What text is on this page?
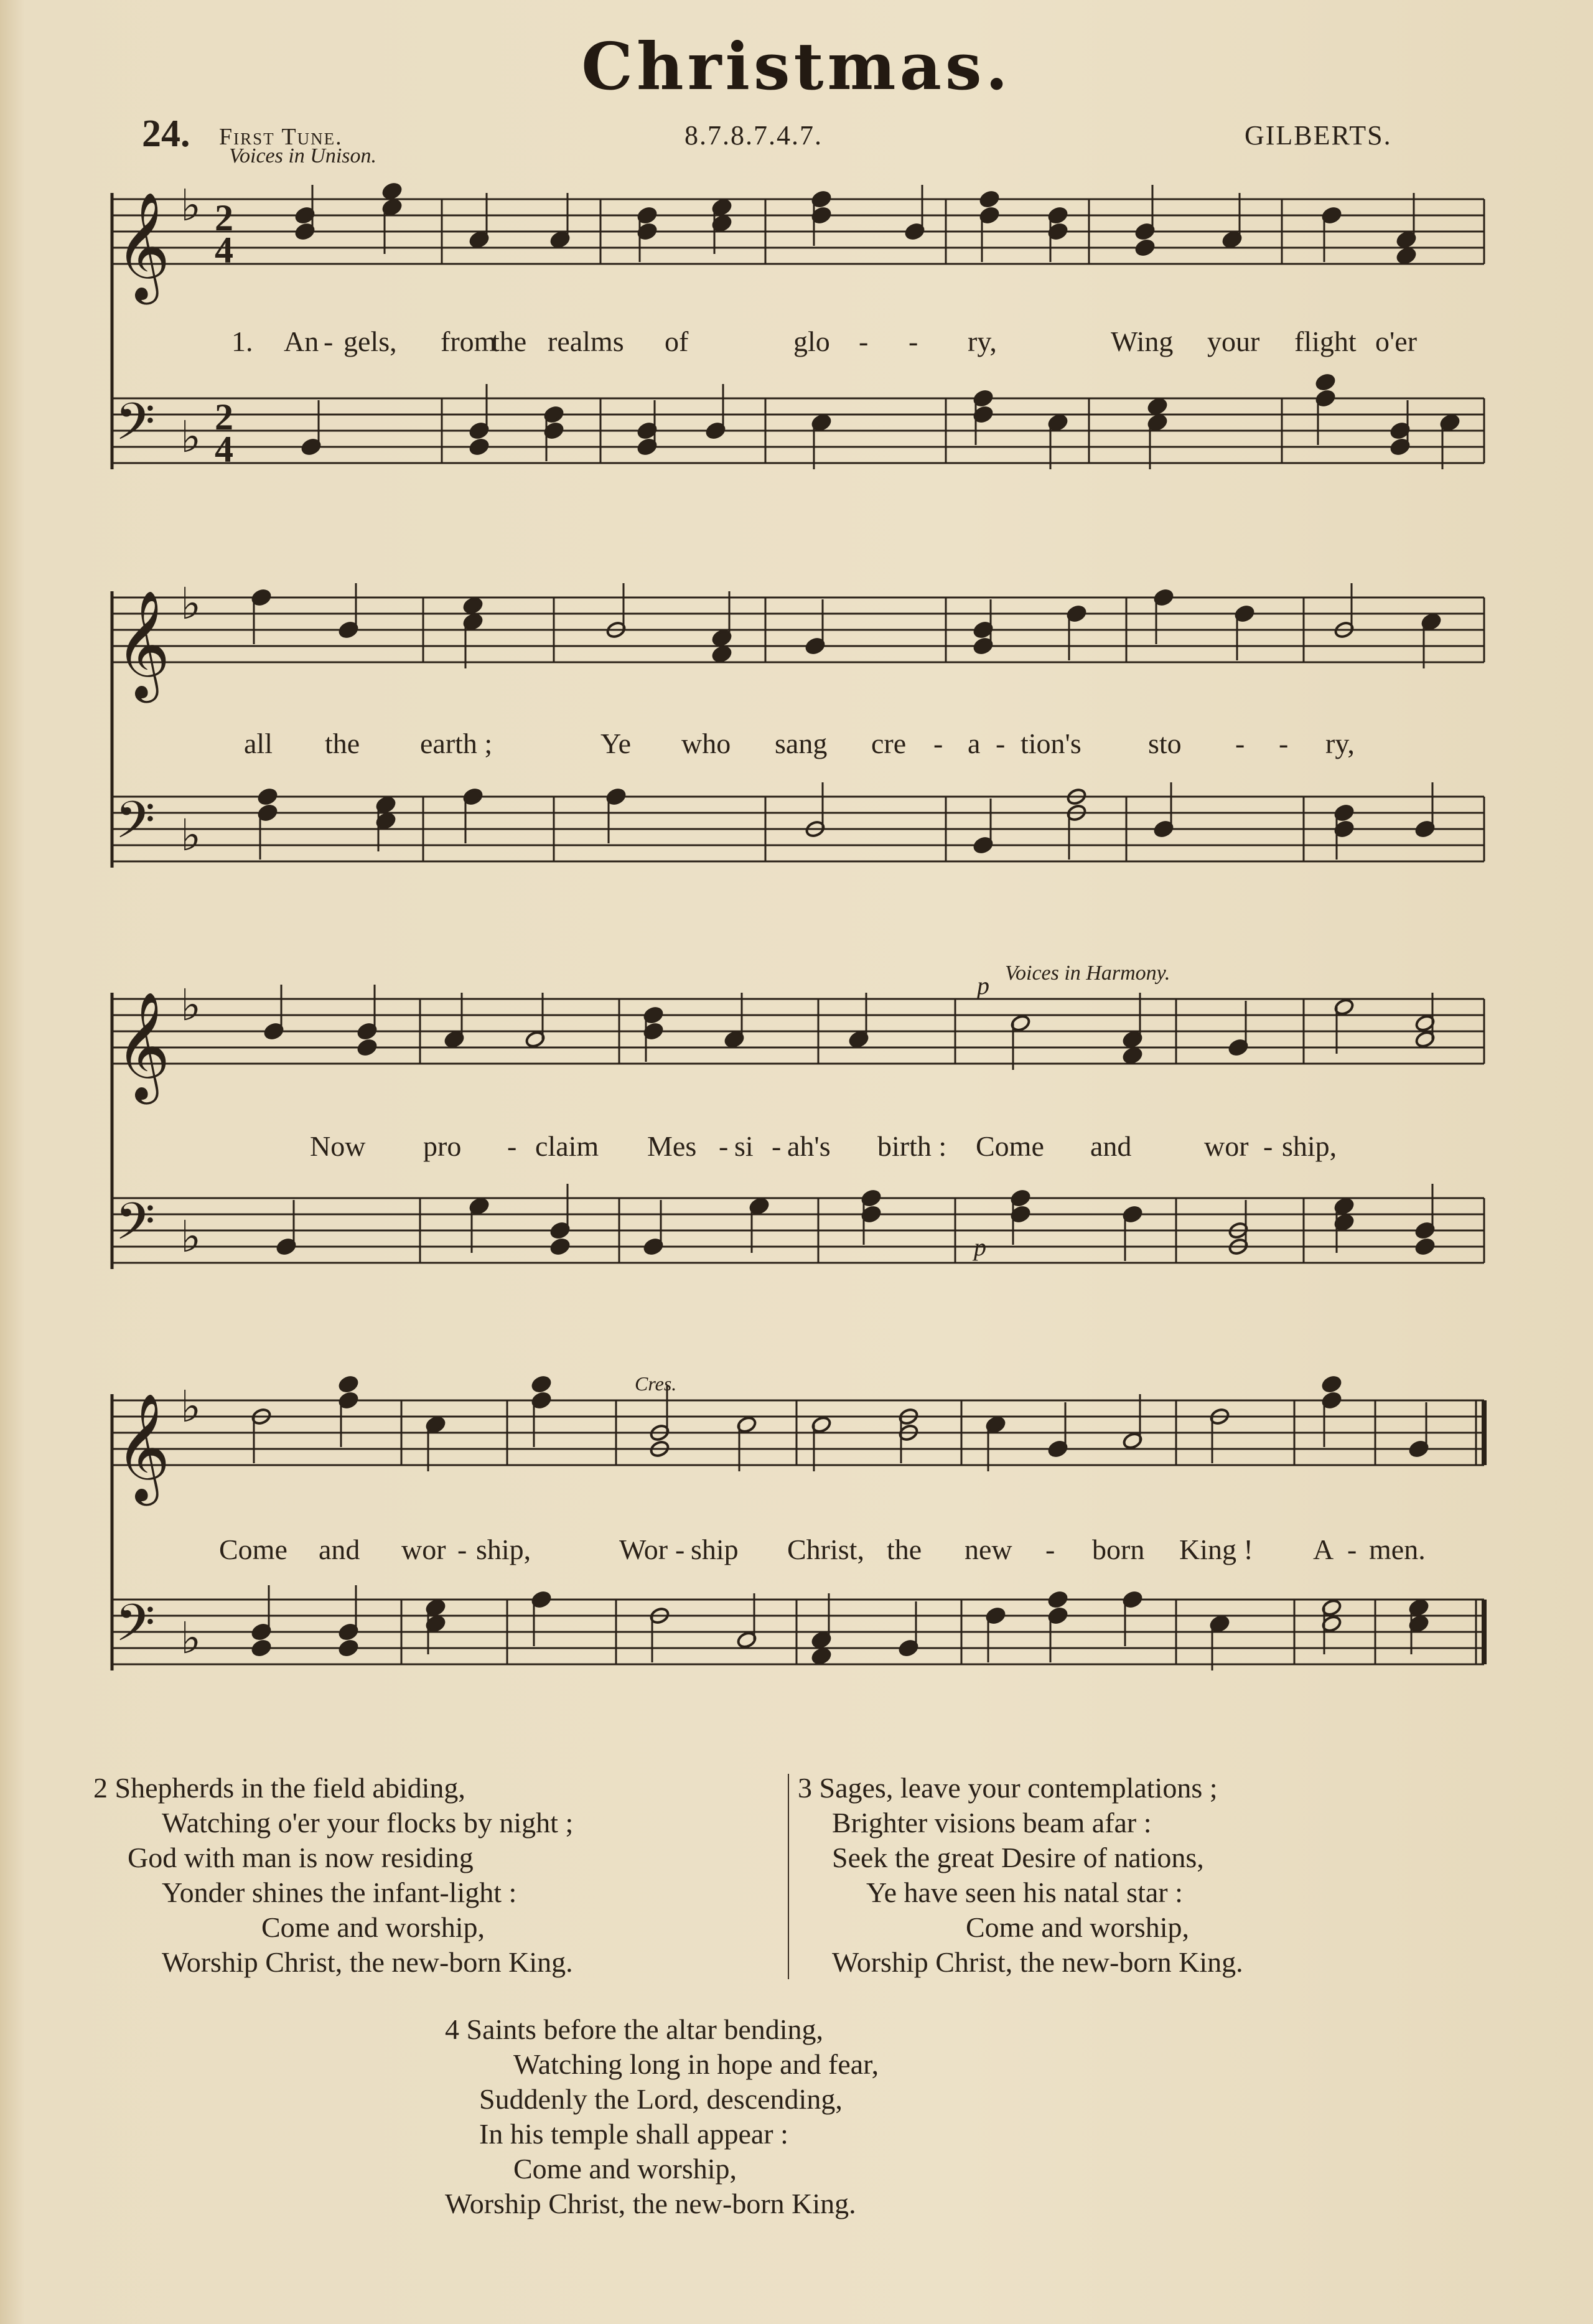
Christmas.
24. First Tune.	8.7.8.7.4.7.	GILBERTS.
Voices in Unison.
Voices in Harmony.
p
p
Cres.
𝄞 ♭ 2
4
𝄢 ♭ 2
4
𝄞 ♭
𝄢 ♭
𝄞 ♭
𝄢 ♭
𝄞 ♭
𝄢 ♭
1. An - gels, from
the realms of	glo - - ry,	Wing your flight o'er
all the earth ;	Ye who sang cre - a - tion's sto - - ry,
Now pro - claim Mes - si - ah's birth : Come and	wor - ship,
Come and wor - ship,	Wor - ship Christ, the new - born King ! A - men.
2 Shepherds in the field abiding,
Watching o'er your flocks by night ;
God with man is now residing
Yonder shines the infant-light :
Come and worship,
Worship Christ, the new-born King.
3 Sages, leave your contemplations ;
Brighter visions beam afar :
Seek the great Desire of nations,
Ye have seen his natal star :
Come and worship,
Worship Christ, the new-born King.
4 Saints before the altar bending,
Watching long in hope and fear,
Suddenly the Lord, descending,
In his temple shall appear :
Come and worship,
Worship Christ, the new-born King.
